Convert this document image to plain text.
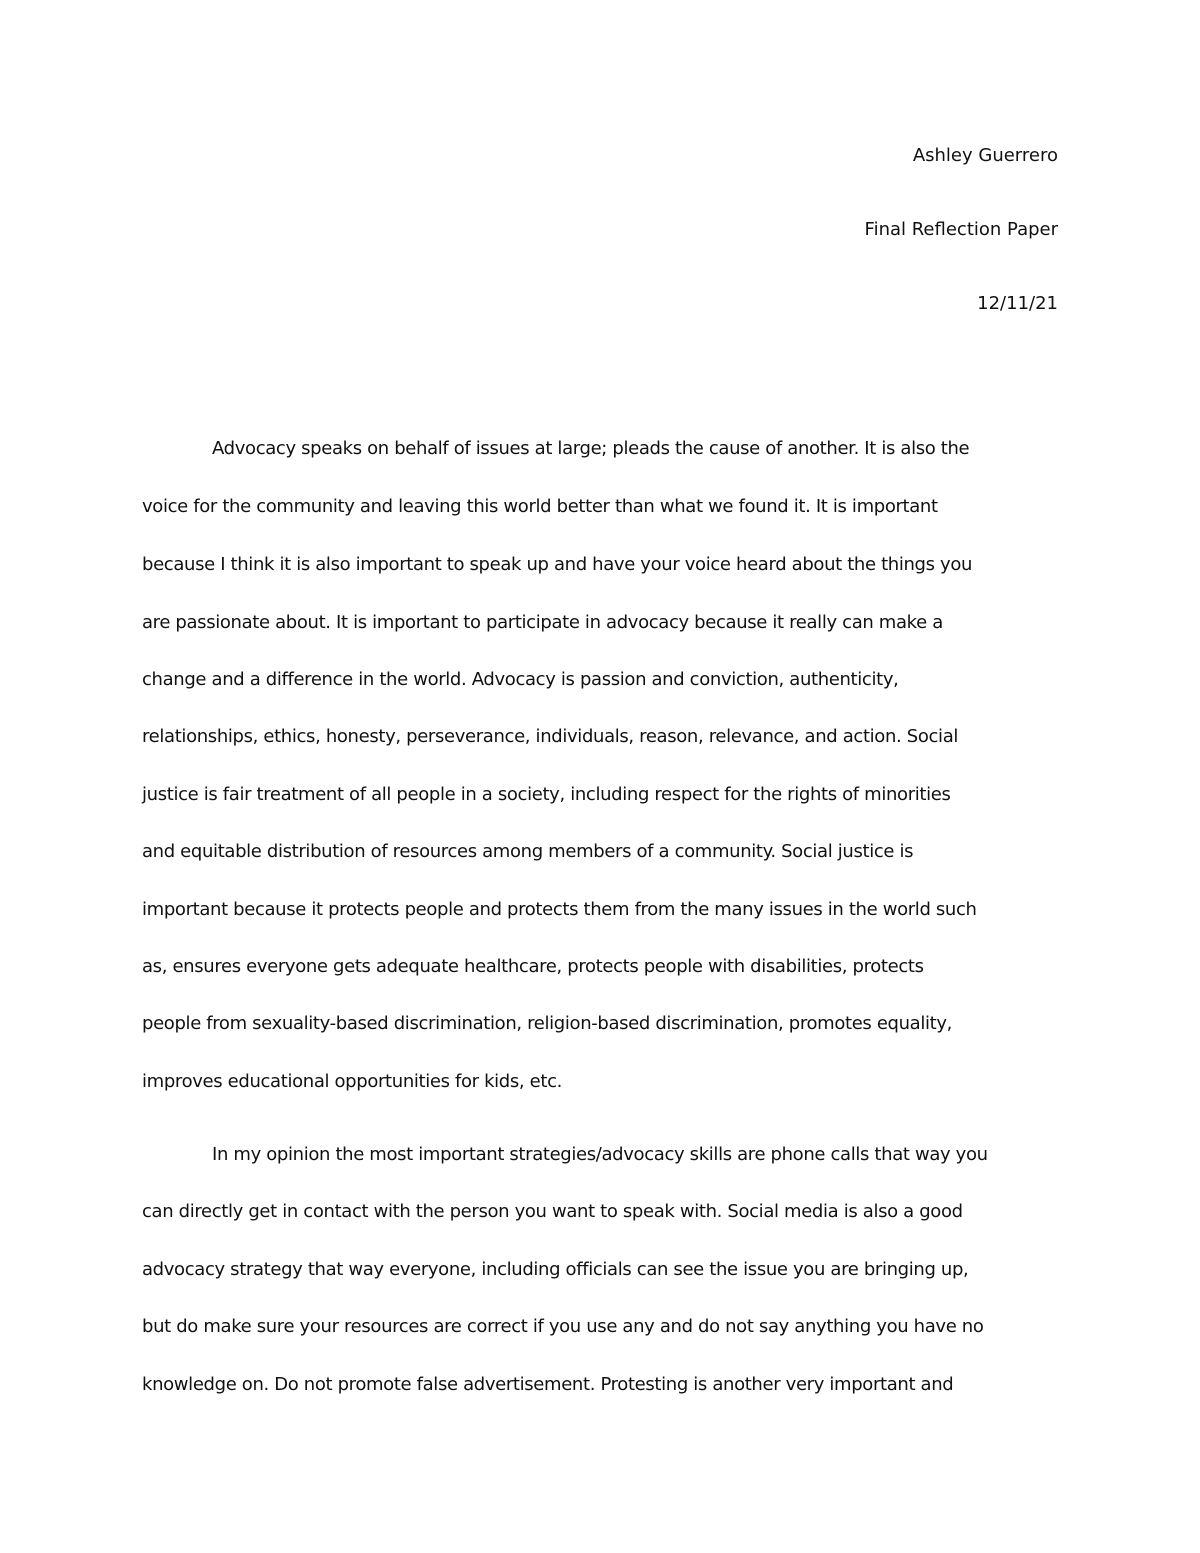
Ashley Guerrero
Final Reflection Paper
12/11/21
Advocacy speaks on behalf of issues at large; pleads the cause of another. It is also the
voice for the community and leaving this world better than what we found it. It is important
because I think it is also important to speak up and have your voice heard about the things you
are passionate about. It is important to participate in advocacy because it really can make a
change and a difference in the world. Advocacy is passion and conviction, authenticity,
relationships, ethics, honesty, perseverance, individuals, reason, relevance, and action. Social
justice is fair treatment of all people in a society, including respect for the rights of minorities
and equitable distribution of resources among members of a community. Social justice is
important because it protects people and protects them from the many issues in the world such
as, ensures everyone gets adequate healthcare, protects people with disabilities, protects
people from sexuality-based discrimination, religion-based discrimination, promotes equality,
improves educational opportunities for kids, etc.
In my opinion the most important strategies/advocacy skills are phone calls that way you
can directly get in contact with the person you want to speak with. Social media is also a good
advocacy strategy that way everyone, including officials can see the issue you are bringing up,
but do make sure your resources are correct if you use any and do not say anything you have no
knowledge on. Do not promote false advertisement. Protesting is another very important and
